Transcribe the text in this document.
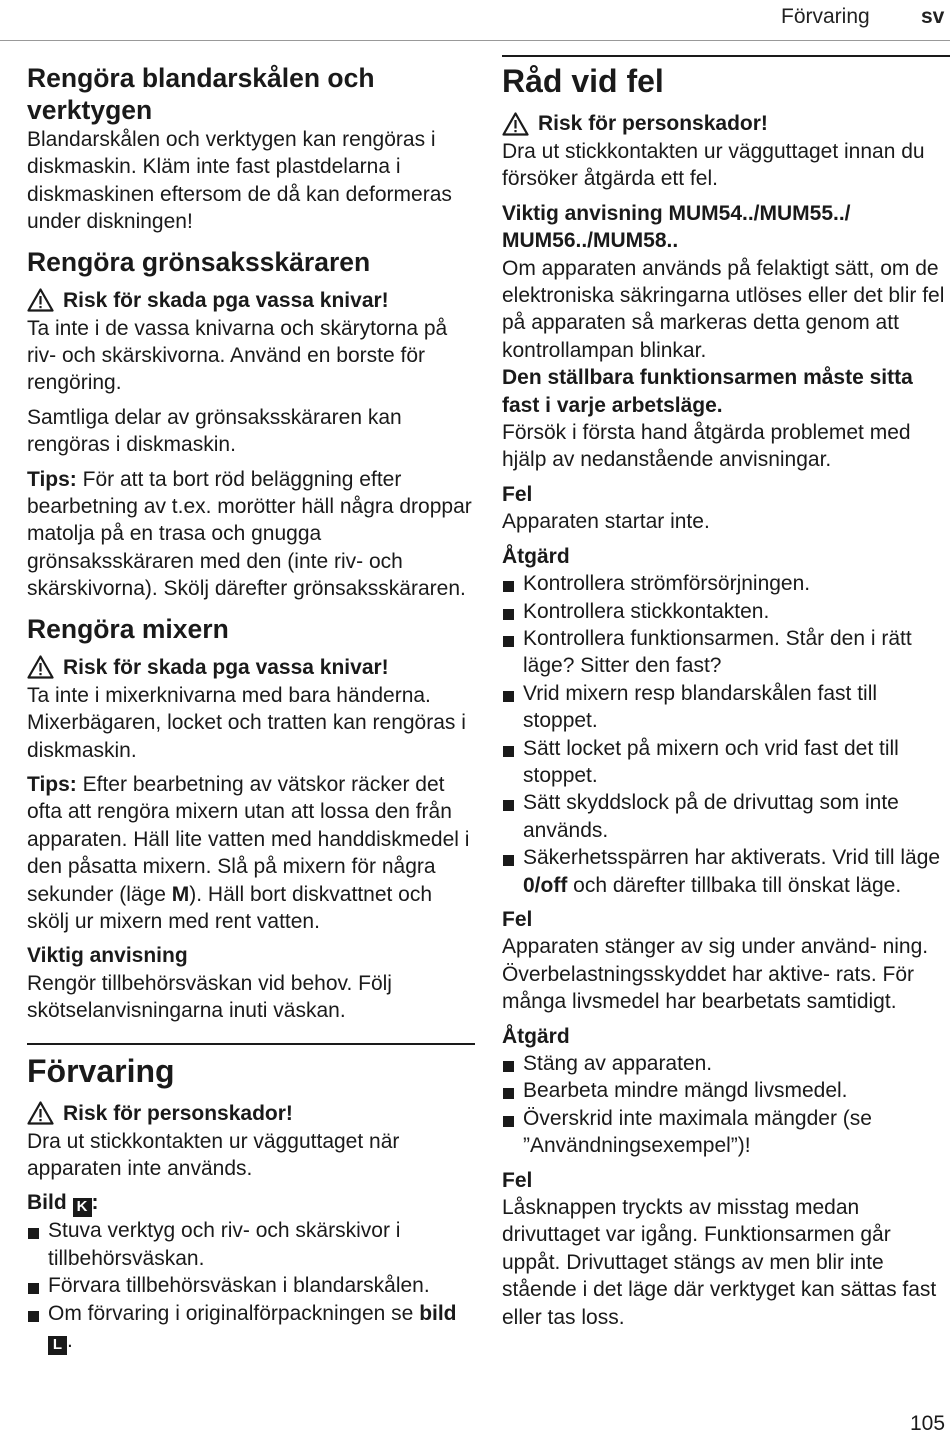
Förvaring sv
Rengöra blandarskålen och verktygen

Blandarskålen och verktygen kan rengöras i diskmaskin. Kläm inte fast plastdelarna i diskmaskinen eftersom de då kan deformeras under diskningen!

Rengöra grönsaksskäraren
Risk för skada pga vassa knivar!

Ta inte i de vassa knivarna och skärytorna på riv- och skärskivorna. Använd en borste för rengöring.

Samtliga delar av grönsaksskäraren kan rengöras i diskmaskin.

Tips: För att ta bort röd beläggning efter bearbetning av t.ex. morötter häll några droppar matolja på en trasa och gnugga grönsaksskäraren med den (inte riv- och skärskivorna). Skölj därefter grönsaksskäraren.

Rengöra mixern
Risk för skada pga vassa knivar!

Ta inte i mixerknivarna med bara händerna. Mixerbägaren, locket och tratten kan rengöras i diskmaskin.

Tips: Efter bearbetning av vätskor räcker det ofta att rengöra mixern utan att lossa den från apparaten. Häll lite vatten med handdiskmedel i den påsatta mixern. Slå på mixern för några sekunder (läge M). Häll bort diskvattnet och skölj ur mixern med rent vatten.

Viktig anvisning

Rengör tillbehörsväskan vid behov. Följ skötselanvisningarna inuti väskan.

Förvaring
Risk för personskador!

Dra ut stickkontakten ur vägguttaget när apparaten inte används.

Bild K :

Stuva verktyg och riv- och skärskivor i tillbehörsväskan.
Förvara tillbehörsväskan i blandarskålen.
Om förvaring i originalförpackningen se bild L .
Råd vid fel
Risk för personskador!

Dra ut stickkontakten ur vägguttaget innan du försöker åtgärda ett fel.

Viktig anvisning MUM54../MUM55../ MUM56../MUM58..

Om apparaten används på felaktigt sätt, om de elektroniska säkringarna utlöses eller det blir fel på apparaten så markeras detta genom att kontrollampan blinkar.

Den ställbara funktionsarmen måste sitta fast i varje arbetsläge.

Försök i första hand åtgärda problemet med hjälp av nedanstående anvisningar.

Fel

Apparaten startar inte.

Åtgärd

Kontrollera strömförsörjningen.
Kontrollera stickkontakten.
Kontrollera funktionsarmen. Står den i rätt läge? Sitter den fast?
Vrid mixern resp blandarskålen fast till stoppet.
Sätt locket på mixern och vrid fast det till stoppet.
Sätt skyddslock på de drivuttag som inte används.
Säkerhetsspärren har aktiverats. Vrid till läge 0/off och därefter tillbaka till önskat läge.

Fel

Apparaten stänger av sig under använd- ning. Överbelastningsskyddet har aktive- rats. För många livsmedel har bearbetats samtidigt.

Åtgärd

Stäng av apparaten.
Bearbeta mindre mängd livsmedel.
Överskrid inte maximala mängder (se ”Användningsexempel”)!

Fel

Låsknappen tryckts av misstag medan drivuttaget var igång. Funktionsarmen går uppåt. Drivuttaget stängs av men blir inte stående i det läge där verktyget kan sättas fast eller tas loss.

105
